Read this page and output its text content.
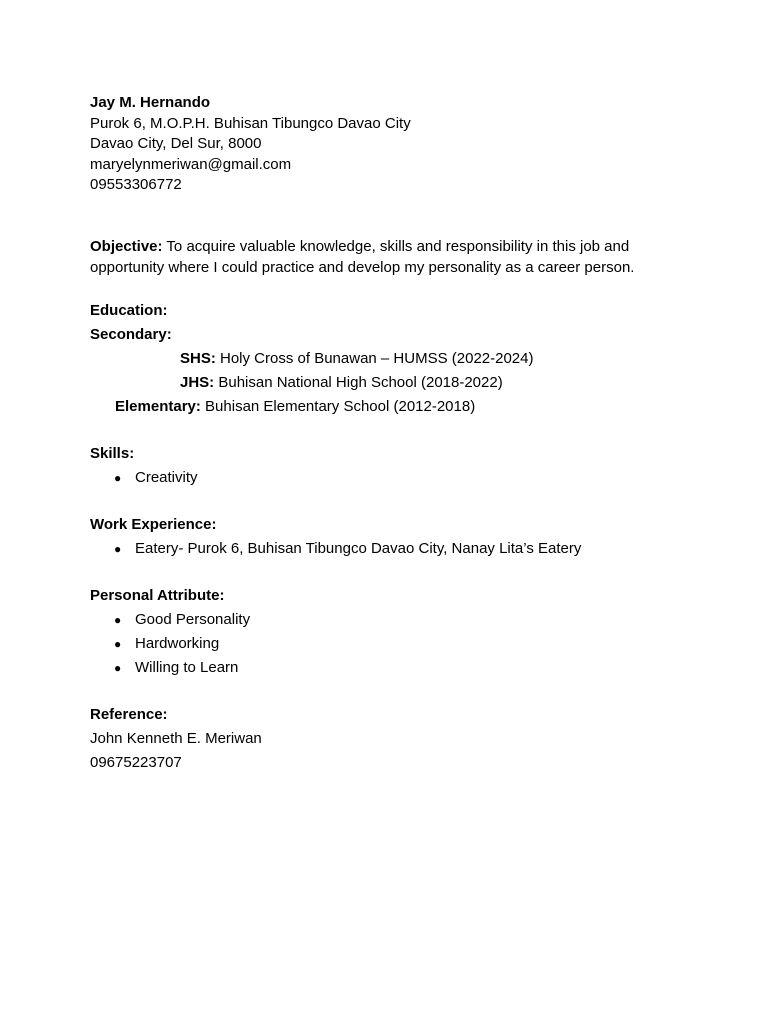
Jay M. Hernando
Purok 6, M.O.P.H. Buhisan Tibungco Davao City
Davao City, Del Sur, 8000
maryelynmeriwan@gmail.com
09553306772
Objective: To acquire valuable knowledge, skills and responsibility in this job and opportunity where I could practice and develop my personality as a career person.
Education:
Secondary:
SHS: Holy Cross of Bunawan – HUMSS (2022-2024)
JHS: Buhisan National High School (2018-2022)
Elementary: Buhisan Elementary School (2012-2018)
Skills:
● Creativity
Work Experience:
● Eatery- Purok 6, Buhisan Tibungco Davao City, Nanay Lita’s Eatery
Personal Attribute:
● Good Personality
● Hardworking
● Willing to Learn
Reference:
John Kenneth E. Meriwan
09675223707
